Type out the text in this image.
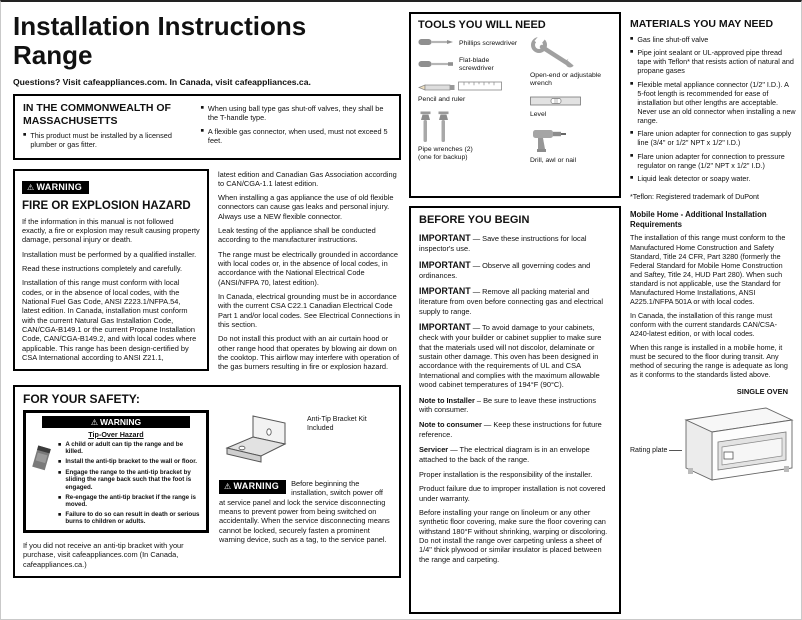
Installation Instructions
Range
Questions? Visit cafeappliances.com. In Canada, visit cafeappliances.ca.
IN THE COMMONWEALTH OF MASSACHUSETTS
■ This product must be installed by a licensed plumber or gas fitter.
■ When using ball type gas shut-off valves, they shall be the T-handle type.
■ A flexible gas connector, when used, must not exceed 5 feet.
⚠ WARNING
FIRE OR EXPLOSION HAZARD
If the information in this manual is not followed exactly, a fire or explosion may result causing property damage, personal injury or death.
Installation must be performed by a qualified installer.
Read these instructions completely and carefully.
Installation of this range must conform with local codes, or in the absence of local codes, with the National Fuel Gas Code, ANSI Z223.1/NFPA.54, latest edition. In Canada, installation must conform with the current Natural Gas Installation Code, CAN/CGA-B149.1 or the current Propane Installation Code, CAN/CGA-B149.2, and with local codes where applicable. This range has been design-certified by CSA International according to ANSI Z21.1,
latest edition and Canadian Gas Association according to CAN/CGA-1.1 latest edition.
When installing a gas appliance the use of old flexible connectors can cause gas leaks and personal injury. Always use a NEW flexible connector.
Leak testing of the appliance shall be conducted according to the manufacturer instructions.
The range must be electrically grounded in accordance with local codes or, in the absence of local codes, in accordance with the National Electrical Code (ANSI/NFPA 70, latest edition).
In Canada, electrical grounding must be in accordance with the current CSA C22.1 Canadian Electrical Code Part 1 and/or local codes. See Electrical Connections in this section.
Do not install this product with an air curtain hood or other range hood that operates by blowing air down on the cooktop. This airflow may interfere with operation of the gas burners resulting in fire or explosion hazard.
FOR YOUR SAFETY:
⚠ WARNING
Tip-Over Hazard
■ A child or adult can tip the range and be killed.
■ Install the anti-tip bracket to the wall or floor.
■ Engage the range to the anti-tip bracket by sliding the range back such that the foot is engaged.
■ Re-engage the anti-tip bracket if the range is moved.
■ Failure to do so can result in death or serious burns to children or adults.
If you did not receive an anti-tip bracket with your purchase, visit cafeappliances.com (In Canada, cafeappliances.ca.)
Anti-Tip Bracket Kit Included
⚠ WARNING	Before beginning the installation, switch power off at service panel and lock the service disconnecting means to prevent power from being switched on accidentally. When the service disconnecting means cannot be locked, securely fasten a prominent warning device, such as a tag, to the service panel.
TOOLS YOU WILL NEED
Phillips screwdriver
Flat-blade screwdriver

Pencil and ruler
Pipe wrenches (2)
(one for backup)
Open-end or adjustable wrench
Level
Drill, awl or nail
MATERIALS YOU MAY NEED
■ Gas line shut-off valve
■ Pipe joint sealant or UL-approved pipe thread tape with Teflon* that resists action of natural and propane gases
■ Flexible metal appliance connector (1/2" I.D.). A 5-foot length is recommended for ease of installation but other lengths are acceptable. Never use an old connector when installing a new range.
■ Flare union adapter for connection to gas supply line (3/4" or 1/2" NPT x 1/2" I.D.)
■ Flare union adapter for connection to pressure regulator on range (1/2" NPT x 1/2" I.D.)
■ Liquid leak detector or soapy water.
*Teflon: Registered trademark of DuPont
BEFORE YOU BEGIN
IMPORTANT — Save these instructions for local inspector's use.
IMPORTANT — Observe all governing codes and ordinances.
IMPORTANT — Remove all packing material and literature from oven before connecting gas and electrical supply to range.
IMPORTANT — To avoid damage to your cabinets, check with your builder or cabinet supplier to make sure that the materials used will not discolor, delaminate or sustain other damage. This oven has been designed in accordance with the requirements of UL and CSA International and complies with the maximum allowable wood cabinet temperatures of 194°F (90°C).
Note to Installer – Be sure to leave these instructions with consumer.
Note to consumer — Keep these instructions for future reference.
Servicer — The electrical diagram is in an envelope attached to the back of the range.
Proper installation is the responsibility of the installer.
Product failure due to improper installation is not covered under warranty.
Before installing your range on linoleum or any other synthetic floor covering, make sure the floor covering can withstand 180°F without shrinking, warping or discoloring. Do not install the range over carpeting unless a sheet of 1/4" thick plywood or similar insulator is placed between the range and carpeting.
Mobile Home - Additional Installation Requirements
The installation of this range must conform to the Manufactured Home Construction and Safety Standard, Title 24 CFR, Part 3280 (formerly the Federal Standard for Mobile Home Construction and Saftey, Title 24, HUD Part 280). When such standard is not applicable, use the Standard for Manufactured Home Installations, ANSI A225.1/NFPA 501A or with local codes.
In Canada, the installation of this range must conform with the current standards CAN/CSA-A240-latest edition, or with local codes.
When this range is installed in a mobile home, it must be secured to the floor during transit. Any method of securing the range is adequate as long as it conforms to the standards listed above.
SINGLE OVEN
Rating plate
